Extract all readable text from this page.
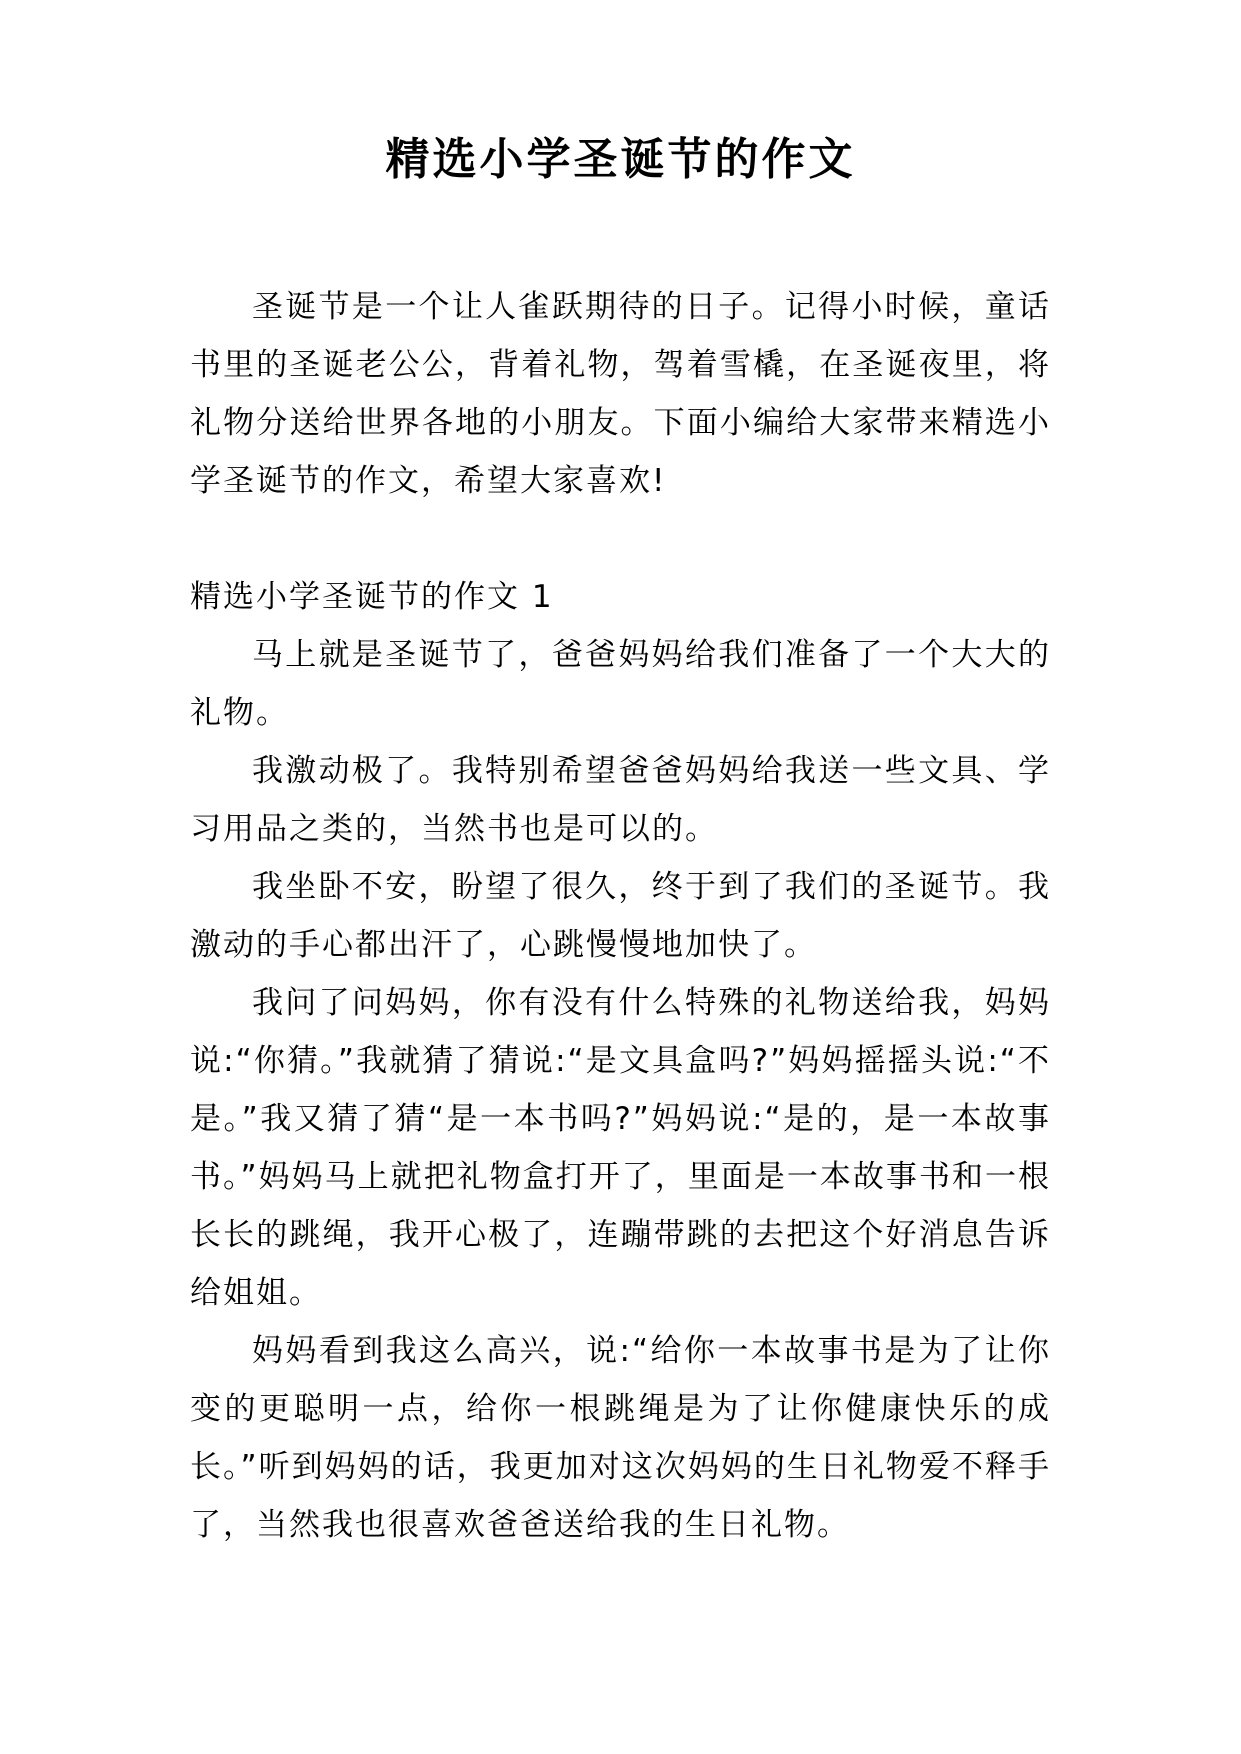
精选小学圣诞节的作文

圣诞节是一个让人雀跃期待的日子。记得小时候，童话书里的圣诞老公公，背着礼物，驾着雪橇，在圣诞夜里，将礼物分送给世界各地的小朋友。下面小编给大家带来精选小学圣诞节的作文，希望大家喜欢!

精选小学圣诞节的作文 1

马上就是圣诞节了，爸爸妈妈给我们准备了一个大大的礼物。

我激动极了。我特别希望爸爸妈妈给我送一些文具、学习用品之类的，当然书也是可以的。

我坐卧不安，盼望了很久，终于到了我们的圣诞节。我激动的手心都出汗了，心跳慢慢地加快了。

我问了问妈妈，你有没有什么特殊的礼物送给我，妈妈说:“你猜。”我就猜了猜说:“是文具盒吗?”妈妈摇摇头说:“不是。”我又猜了猜“是一本书吗?”妈妈说:“是的，是一本故事书。”妈妈马上就把礼物盒打开了，里面是一本故事书和一根长长的跳绳，我开心极了，连蹦带跳的去把这个好消息告诉给姐姐。

妈妈看到我这么高兴，说:“给你一本故事书是为了让你变的更聪明一点，给你一根跳绳是为了让你健康快乐的成长。”听到妈妈的话，我更加对这次妈妈的生日礼物爱不释手了，当然我也很喜欢爸爸送给我的生日礼物。
